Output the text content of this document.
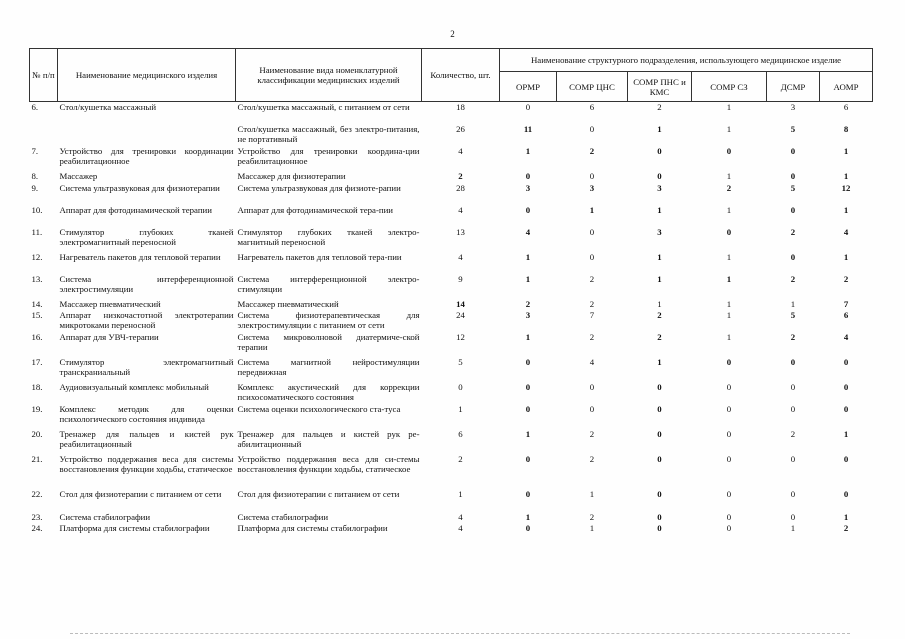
2
№ п/п	Наименование медицинского изделия	Наименование вида номенклатурной классификации медицинских изделий	Количество, шт.	Наименование структурного подразделения, использующего медицинское изделие					
				ОРМР	СОМР ЦНС	СОМР ПНС и КМС	СОМР СЗ	ДСМР	АОМР
6.	Стол/кушетка массажный	Стол/кушетка массажный, с питанием от сети	18	0	6	2	1	3	6
		Стол/кушетка массажный, без электро-питания, не портативный	26	11	0	1	1	5	8
7.	Устройство для тренировки координации реабилитационное	Устройство для тренировки координа-ции реабилитационное	4	1	2	0	0	0	1
8.	Массажер	Массажер для физиотерапии	2	0	0	0	1	0	1
9.	Система ультразвуковая для физиотерапии	Система ультразвуковая для физиоте-рапии	28	3	3	3	2	5	12
10.	Аппарат для фотодинамической терапии	Аппарат для фотодинамической тера-пии	4	0	1	1	1	0	1
11.	Стимулятор глубоких тканей электромагнитный переносной	Стимулятор глубоких тканей электро-магнитный переносной	13	4	0	3	0	2	4
12.	Нагреватель пакетов для тепловой терапии	Нагреватель пакетов для тепловой тера-пии	4	1	0	1	1	0	1
13.	Система интерференционной электростимуляции	Система интерференционной электро-стимуляции	9	1	2	1	1	2	2
14.	Массажер пневматический	Массажер пневматический	14	2	2	1	1	1	7
15.	Аппарат низкочастотной электротерапии микротоками переносной	Система физиотерапевтическая для электростимуляции с питанием от сети	24	3	7	2	1	5	6
16.	Аппарат для УВЧ-терапии	Система микроволновой диатермиче-ской терапии	12	1	2	2	1	2	4
17.	Стимулятор электромагнитный транскраниальный	Система магнитной нейростимуляции передвижная	5	0	4	1	0	0	0
18.	Аудиовизуальный комплекс мобильный	Комплекс акустический для коррекции психосоматического состояния	0	0	0	0	0	0	0
19.	Комплекс методик для оценки психологического состояния индивида	Система оценки психологического ста-туса	1	0	0	0	0	0	0
20.	Тренажер для пальцев и кистей рук реабилитационный	Тренажер для пальцев и кистей рук ре-абилитационный	6	1	2	0	0	2	1
21.	Устройство поддержания веса для системы восстановления функции ходьбы, статическое	Устройство поддержания веса для си-стемы восстановления функции ходьбы, статическое	2	0	2	0	0	0	0
22.	Стол для физиотерапии с питанием от сети	Стол для физиотерапии с питанием от сети	1	0	1	0	0	0	0
23.	Система стабилографии	Система стабилографии	4	1	2	0	0	0	1
24.	Платформа для системы стабилографии	Платформа для системы стабилографии	4	0	1	0	0	1	2
